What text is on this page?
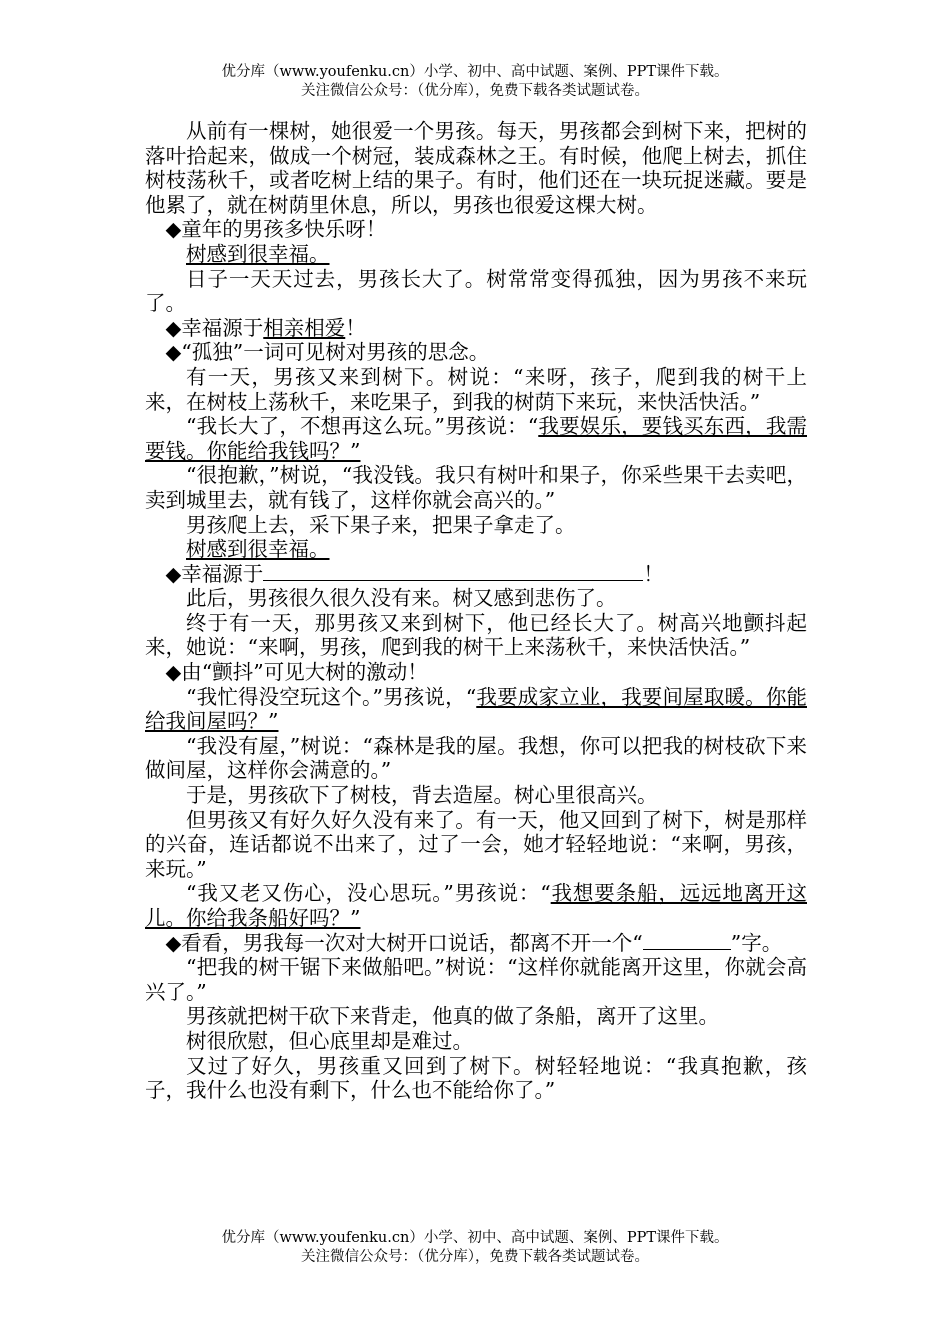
优分库（www.youfenku.cn）小学、初中、高中试题、案例、PPT课件下载。
关注微信公众号：（优分库），免费下载各类试题试卷。

从前有一棵树，她很爱一个男孩。每天，男孩都会到树下来，把树的落叶拾起来，做成一个树冠，装成森林之王。有时候，他爬上树去，抓住树枝荡秋千，或者吃树上结的果子。有时，他们还在一块玩捉迷藏。要是他累了，就在树荫里休息，所以，男孩也很爱这棵大树。

◆童年的男孩多快乐呀！

树感到很幸福。

日子一天天过去，男孩长大了。树常常变得孤独，因为男孩不来玩了。

◆幸福源于相亲相爱！

◆“孤独”一词可见树对男孩的思念。

有一天，男孩又来到树下。树说：“来呀，孩子，爬到我的树干上来，在树枝上荡秋千，来吃果子，到我的树荫下来玩，来快活快活。”

“我长大了，不想再这么玩。”男孩说：“我要娱乐，要钱买东西，我需要钱。你能给我钱吗？”

“很抱歉，”树说，“我没钱。我只有树叶和果子，你采些果干去卖吧，卖到城里去，就有钱了，这样你就会高兴的。”

男孩爬上去，采下果子来，把果子拿走了。

树感到很幸福。

◆幸福源于	！

此后，男孩很久很久没有来。树又感到悲伤了。

终于有一天，那男孩又来到树下，他已经长大了。树高兴地颤抖起来，她说：“来啊，男孩，爬到我的树干上来荡秋千，来快活快活。”

◆由“颤抖”可见大树的激动！

“我忙得没空玩这个。”男孩说，“我要成家立业，我要间屋取暖。你能给我间屋吗？”

“我没有屋，”树说：“森林是我的屋。我想，你可以把我的树枝砍下来做间屋，这样你会满意的。”

于是，男孩砍下了树枝，背去造屋。树心里很高兴。

但男孩又有好久好久没有来了。有一天，他又回到了树下，树是那样的兴奋，连话都说不出来了，过了一会，她才轻轻地说：“来啊，男孩，来玩。”

“我又老又伤心，没心思玩。”男孩说：“我想要条船，远远地离开这儿。你给我条船好吗？”

◆看看，男我每一次对大树开口说话，都离不开一个“	”字。

“把我的树干锯下来做船吧。”树说：“这样你就能离开这里，你就会高兴了。”

男孩就把树干砍下来背走，他真的做了条船，离开了这里。

树很欣慰，但心底里却是难过。

又过了好久，男孩重又回到了树下。树轻轻地说：“我真抱歉，孩子，我什么也没有剩下，什么也不能给你了。”

优分库（www.youfenku.cn）小学、初中、高中试题、案例、PPT课件下载。
关注微信公众号：（优分库），免费下载各类试题试卷。
